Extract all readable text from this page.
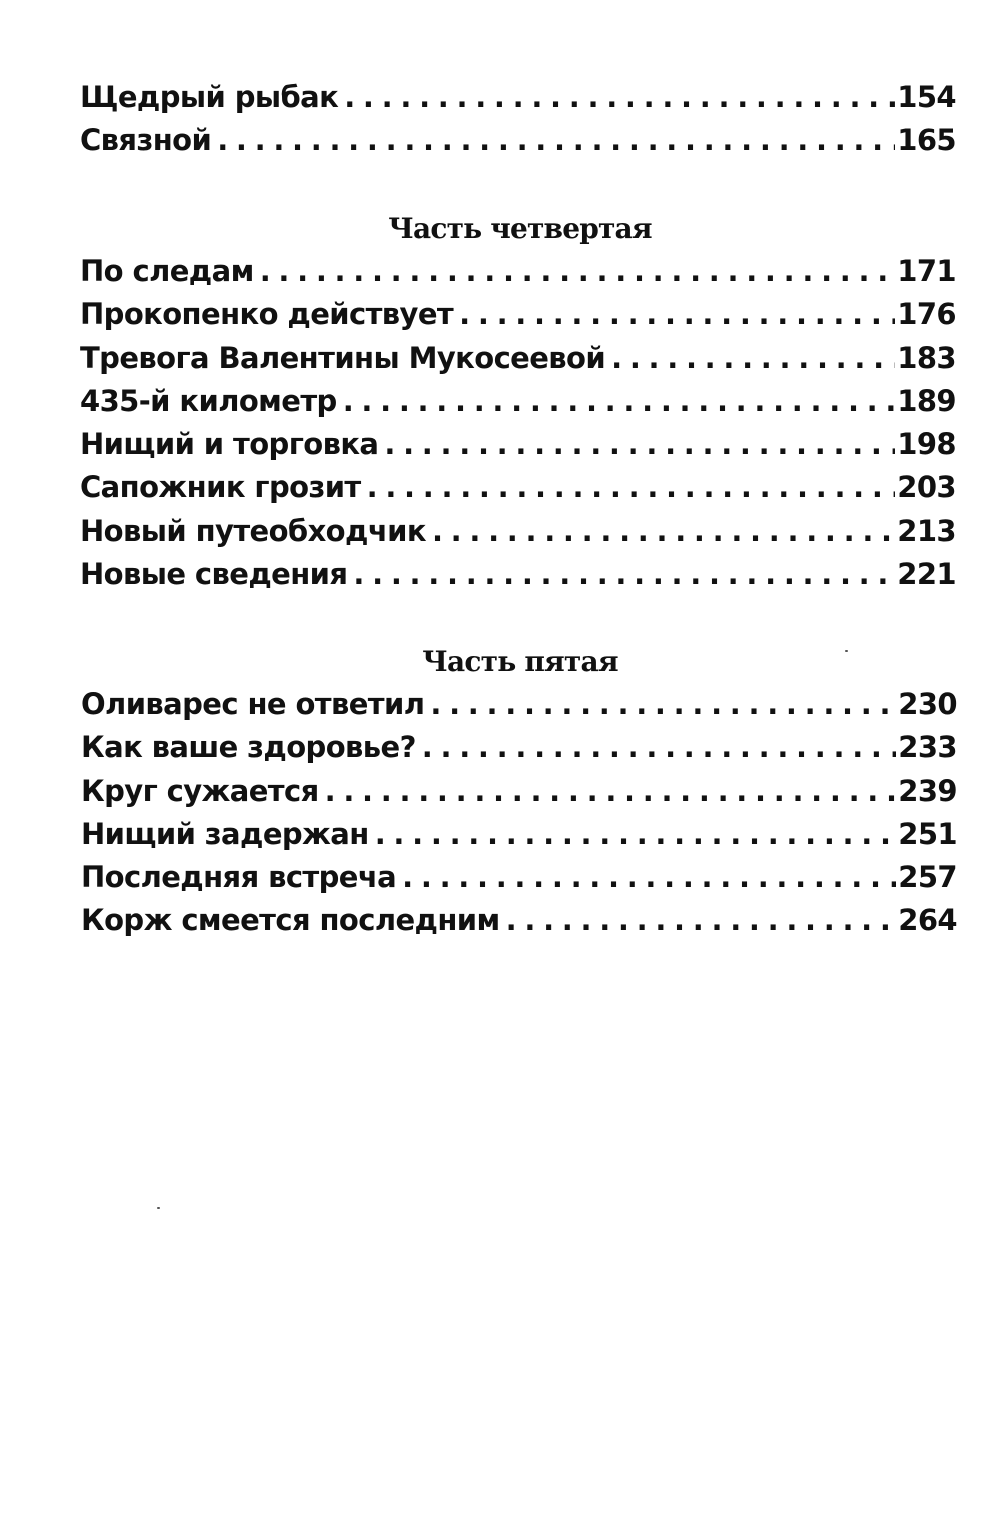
Щедрый рыбак . . .	154
Связной . . .	165
Часть четвертая
По следам . . .	171
Прокопенко действует . . .	176
Тревога Валентины Мукосеевой . . .	183
435-й километр . . .	189
Нищий и торговка . . .	198
Сапожник грозит . . .	203
Новый путеобходчик . . .	213
Новые сведения . . .	221
Часть пятая
Оливарес не ответил . . .	230
Как ваше здоровье? . . .	233
Круг сужается . . .	239
Нищий задержан . . .	251
Последняя встреча . . .	257
Корж смеется последним . . .	264
